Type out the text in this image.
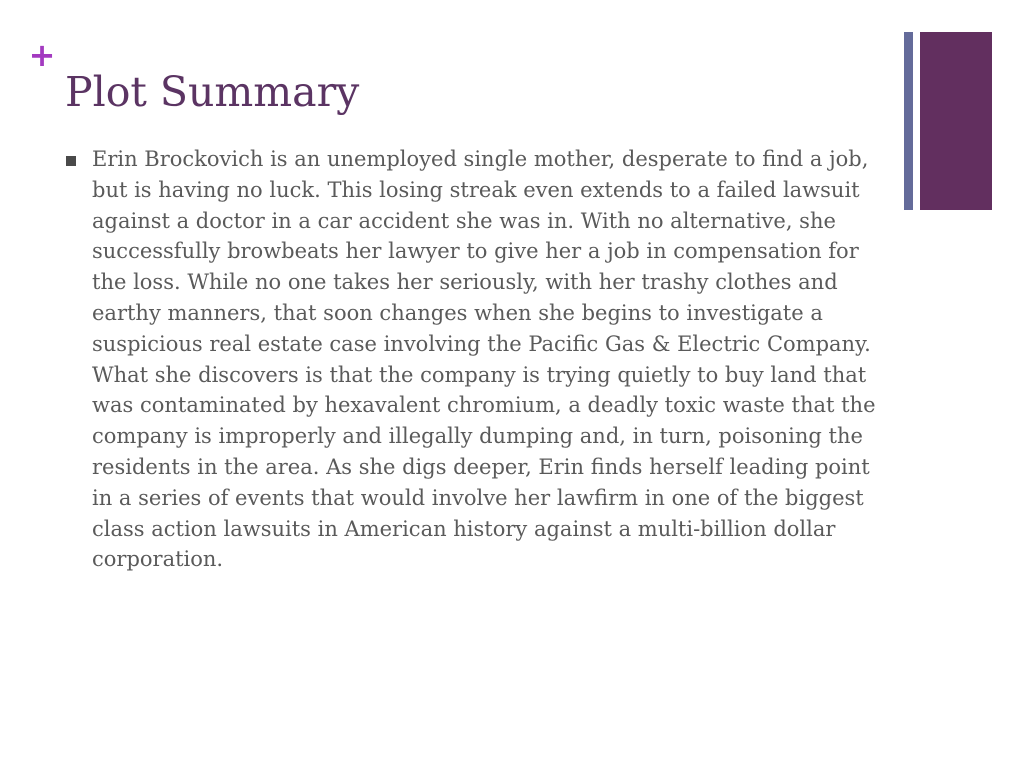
+
Plot Summary
Erin Brockovich is an unemployed single mother, desperate to find a job, but is having no luck. This losing streak even extends to a failed lawsuit against a doctor in a car accident she was in. With no alternative, she successfully browbeats her lawyer to give her a job in compensation for the loss. While no one takes her seriously, with her trashy clothes and earthy manners, that soon changes when she begins to investigate a suspicious real estate case involving the Pacific Gas & Electric Company. What she discovers is that the company is trying quietly to buy land that was contaminated by hexavalent chromium, a deadly toxic waste that the company is improperly and illegally dumping and, in turn, poisoning the residents in the area. As she digs deeper, Erin finds herself leading point in a series of events that would involve her lawfirm in one of the biggest class action lawsuits in American history against a multi-billion dollar corporation.
